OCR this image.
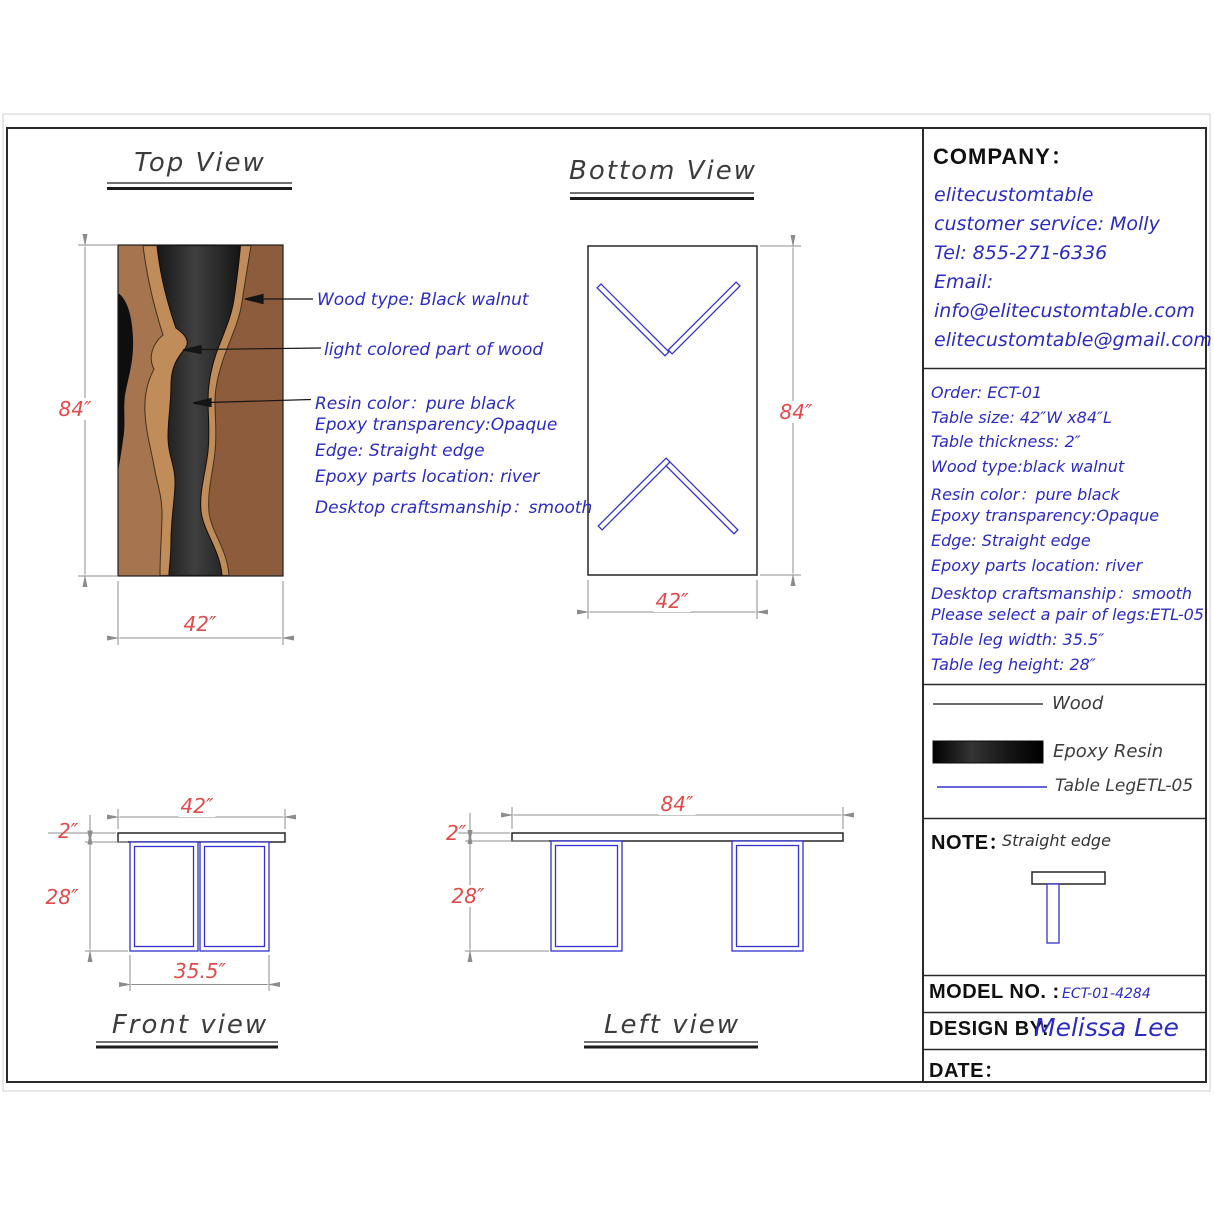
Top View	Bottom View
Front view	Left view
84″
42″
84″
42″
42″
2″
28″
35.5″
84″
2″
28″
Wood type: Black walnut
light colored part of wood
Resin color：pure black
Epoxy transparency:Opaque
Edge: Straight edge
Epoxy parts location: river
Desktop craftsmanship：smooth
COMPANY：
elitecustomtable
customer service: Molly
Tel: 855-271-6336
Email:
info@elitecustomtable.com
elitecustomtable@gmail.com
Order: ECT-01
Table size: 42″W x84″L
Table thickness: 2″
Wood type:black walnut
Resin color：pure black
Epoxy transparency:Opaque
Edge: Straight edge
Epoxy parts location: river
Desktop craftsmanship：smooth
Please select a pair of legs:ETL-05
Table leg width: 35.5″
Table leg height: 28″
Wood
Epoxy Resin
Table LegETL-05
NOTE：
Straight edge
MODEL NO. : ECT-01-4284
DESIGN BY:
Melissa Lee
DATE：
